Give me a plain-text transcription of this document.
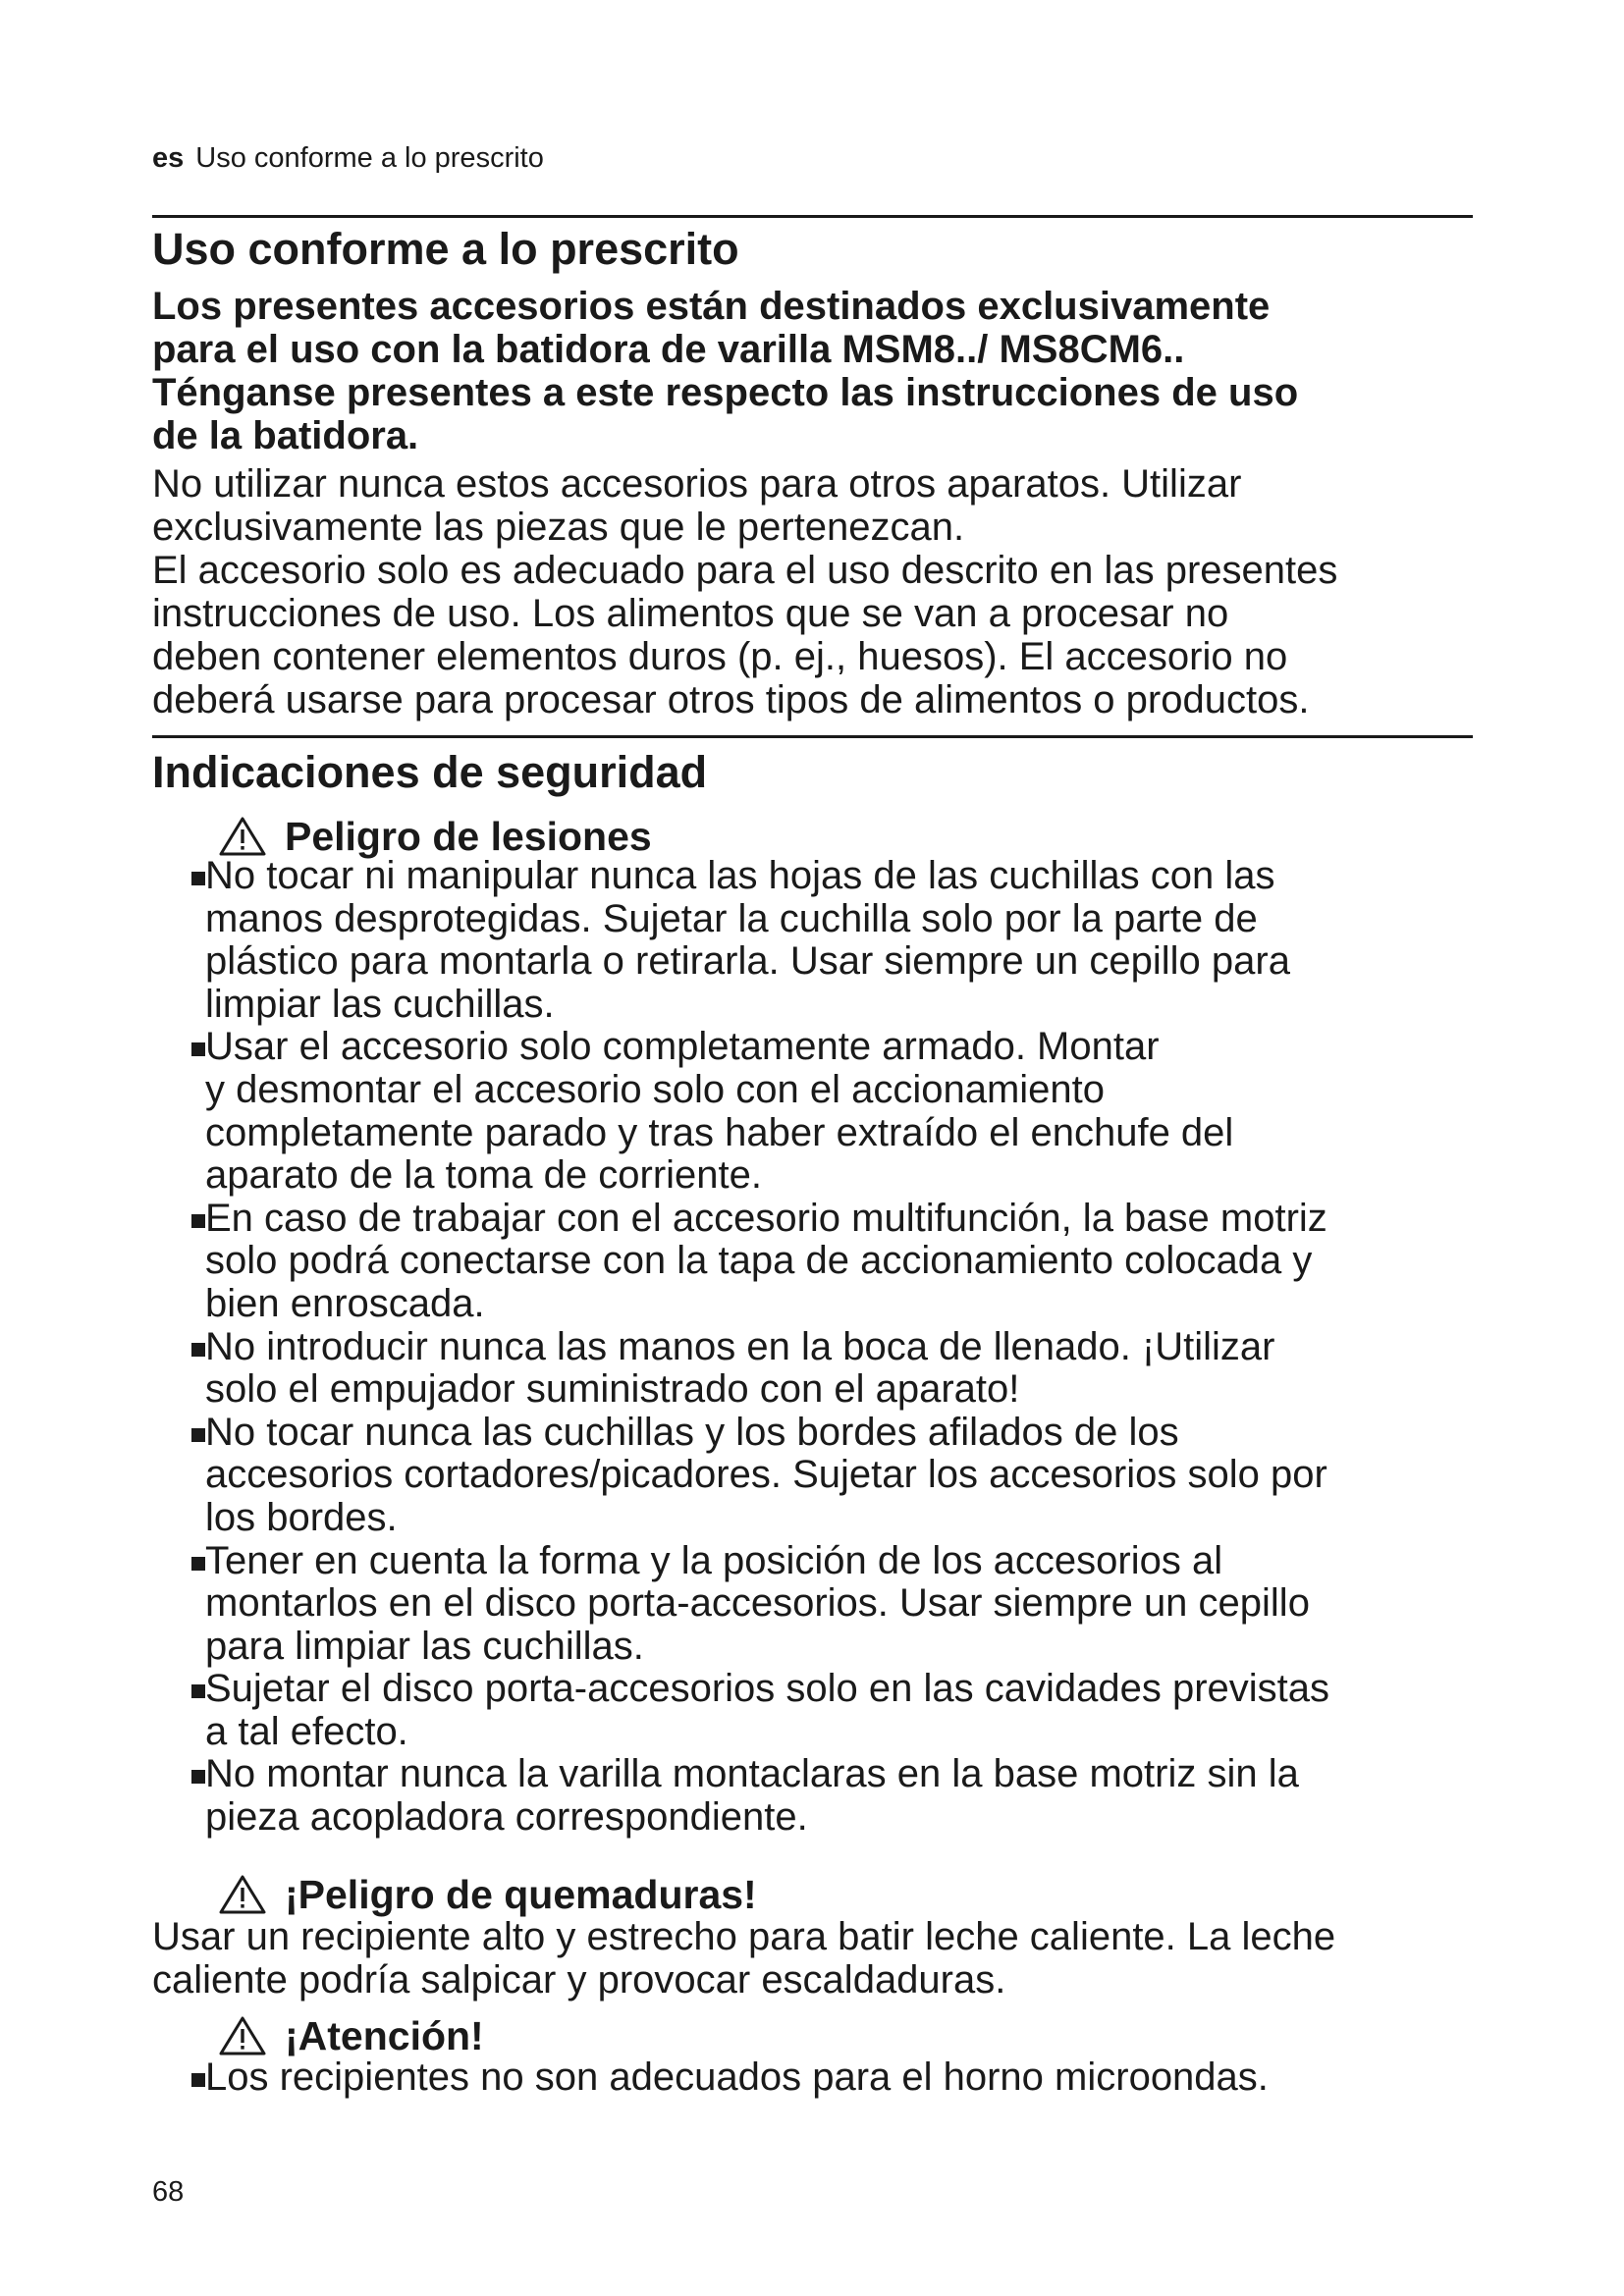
es Uso conforme a lo prescrito
Uso conforme a lo prescrito

Los presentes accesorios están destinados exclusivamente

para el uso con la batidora de varilla MSM8../ MS8CM6..

Ténganse presentes a este respecto las instrucciones de uso

de la batidora.

No utilizar nunca estos accesorios para otros aparatos. Utilizar

exclusivamente las piezas que le pertenezcan.

El accesorio solo es adecuado para el uso descrito en las presentes

instrucciones de uso. Los alimentos que se van a procesar no

deben contener elementos duros (p. ej., huesos). El accesorio no

deberá usarse para procesar otros tipos de alimentos o productos.

Indicaciones de seguridad
Peligro de lesiones
No tocar ni manipular nunca las hojas de las cuchillas con las
manos desprotegidas. Sujetar la cuchilla solo por la parte de
plástico para montarla o retirarla. Usar siempre un cepillo para
limpiar las cuchillas.
Usar el accesorio solo completamente armado. Montar
y desmontar el accesorio solo con el accionamiento
completamente parado y tras haber extraído el enchufe del
aparato de la toma de corriente.
En caso de trabajar con el accesorio multifunción, la base motriz
solo podrá conectarse con la tapa de accionamiento colocada y
bien enroscada.
No introducir nunca las manos en la boca de llenado. ¡Utilizar
solo el empujador suministrado con el aparato!
No tocar nunca las cuchillas y los bordes afilados de los
accesorios cortadores/picadores. Sujetar los accesorios solo por
los bordes.
Tener en cuenta la forma y la posición de los accesorios al
montarlos en el disco porta-accesorios. Usar siempre un cepillo
para limpiar las cuchillas.
Sujetar el disco porta-accesorios solo en las cavidades previstas
a tal efecto.
No montar nunca la varilla montaclaras en la base motriz sin la
pieza acopladora correspondiente.
¡Peligro de quemaduras!

Usar un recipiente alto y estrecho para batir leche caliente. La leche

caliente podría salpicar y provocar escaldaduras.

¡Atención!
Los recipientes no son adecuados para el horno microondas.
68
